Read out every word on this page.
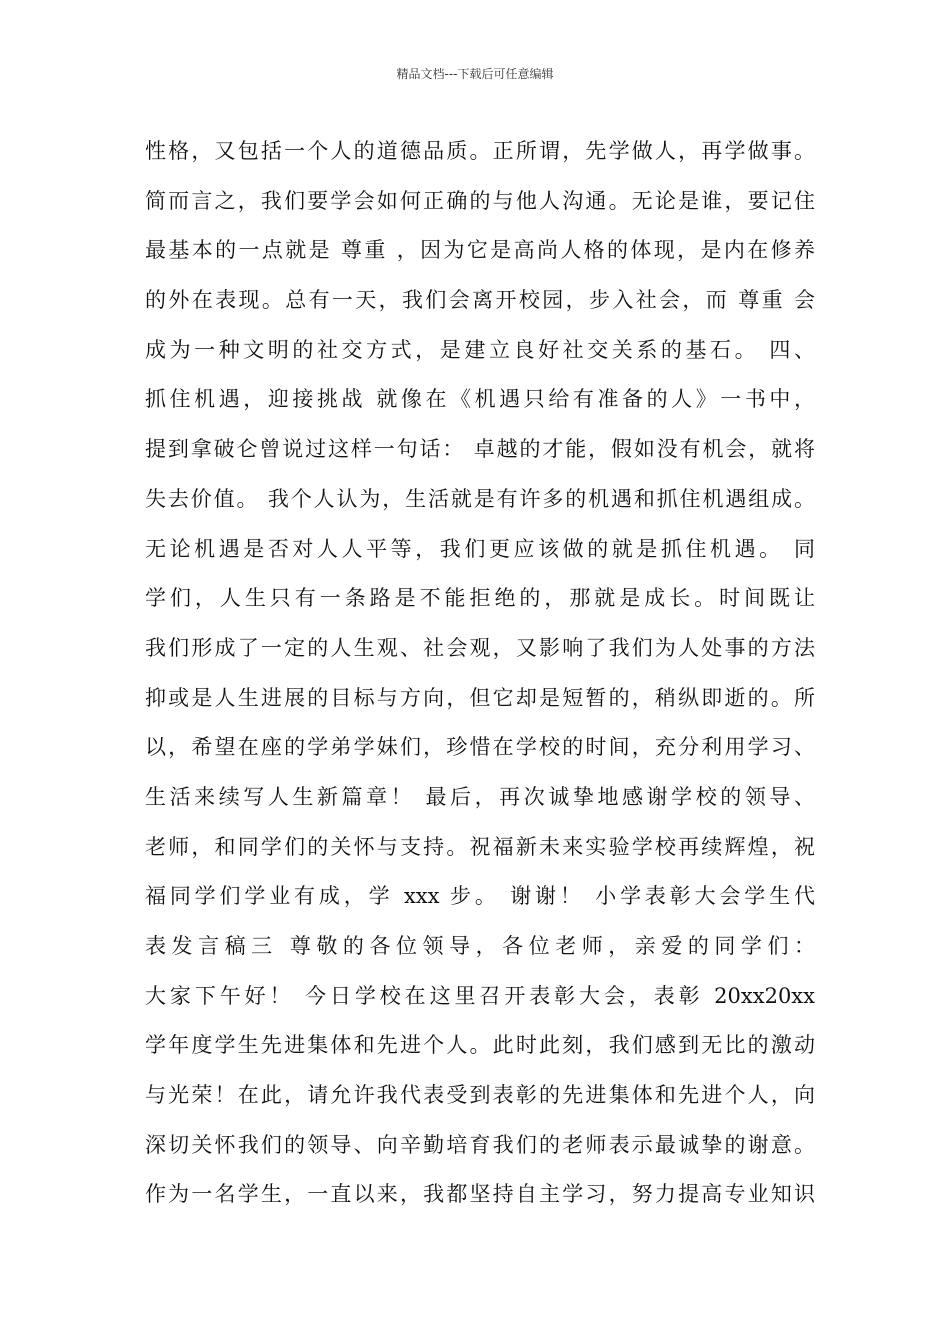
精品文档---下载后可任意编辑
性格，又包括一个人的道德品质。正所谓，先学做人，再学做事。
简而言之，我们要学会如何正确的与他人沟通。无论是谁，要记住
最基本的一点就是 尊重 ，因为它是高尚人格的体现，是内在修养
的外在表现。总有一天，我们会离开校园，步入社会，而 尊重 会
成为一种文明的社交方式，是建立良好社交关系的基石。 四、
抓住机遇，迎接挑战 就像在《机遇只给有准备的人》一书中，
提到拿破仑曾说过这样一句话： 卓越的才能，假如没有机会，就将
失去价值。 我个人认为，生活就是有许多的机遇和抓住机遇组成。
无论机遇是否对人人平等，我们更应该做的就是抓住机遇。 同
学们，人生只有一条路是不能拒绝的，那就是成长。时间既让
我们形成了一定的人生观、社会观，又影响了我们为人处事的方法
抑或是人生进展的目标与方向，但它却是短暂的，稍纵即逝的。所
以，希望在座的学弟学妹们，珍惜在学校的时间，充分利用学习、
生活来续写人生新篇章！ 最后，再次诚挚地感谢学校的领导、
老师，和同学们的关怀与支持。祝福新未来实验学校再续辉煌，祝
福同学们学业有成，学 xxx 步。 谢谢！ 小学表彰大会学生代
表发言稿三 尊敬的各位领导，各位老师，亲爱的同学们：
大家下午好！ 今日学校在这里召开表彰大会，表彰 20xx20xx
学年度学生先进集体和先进个人。此时此刻，我们感到无比的激动
与光荣！在此，请允许我代表受到表彰的先进集体和先进个人，向
深切关怀我们的领导、向辛勤培育我们的老师表示最诚挚的谢意。
作为一名学生，一直以来，我都坚持自主学习，努力提高专业知识
